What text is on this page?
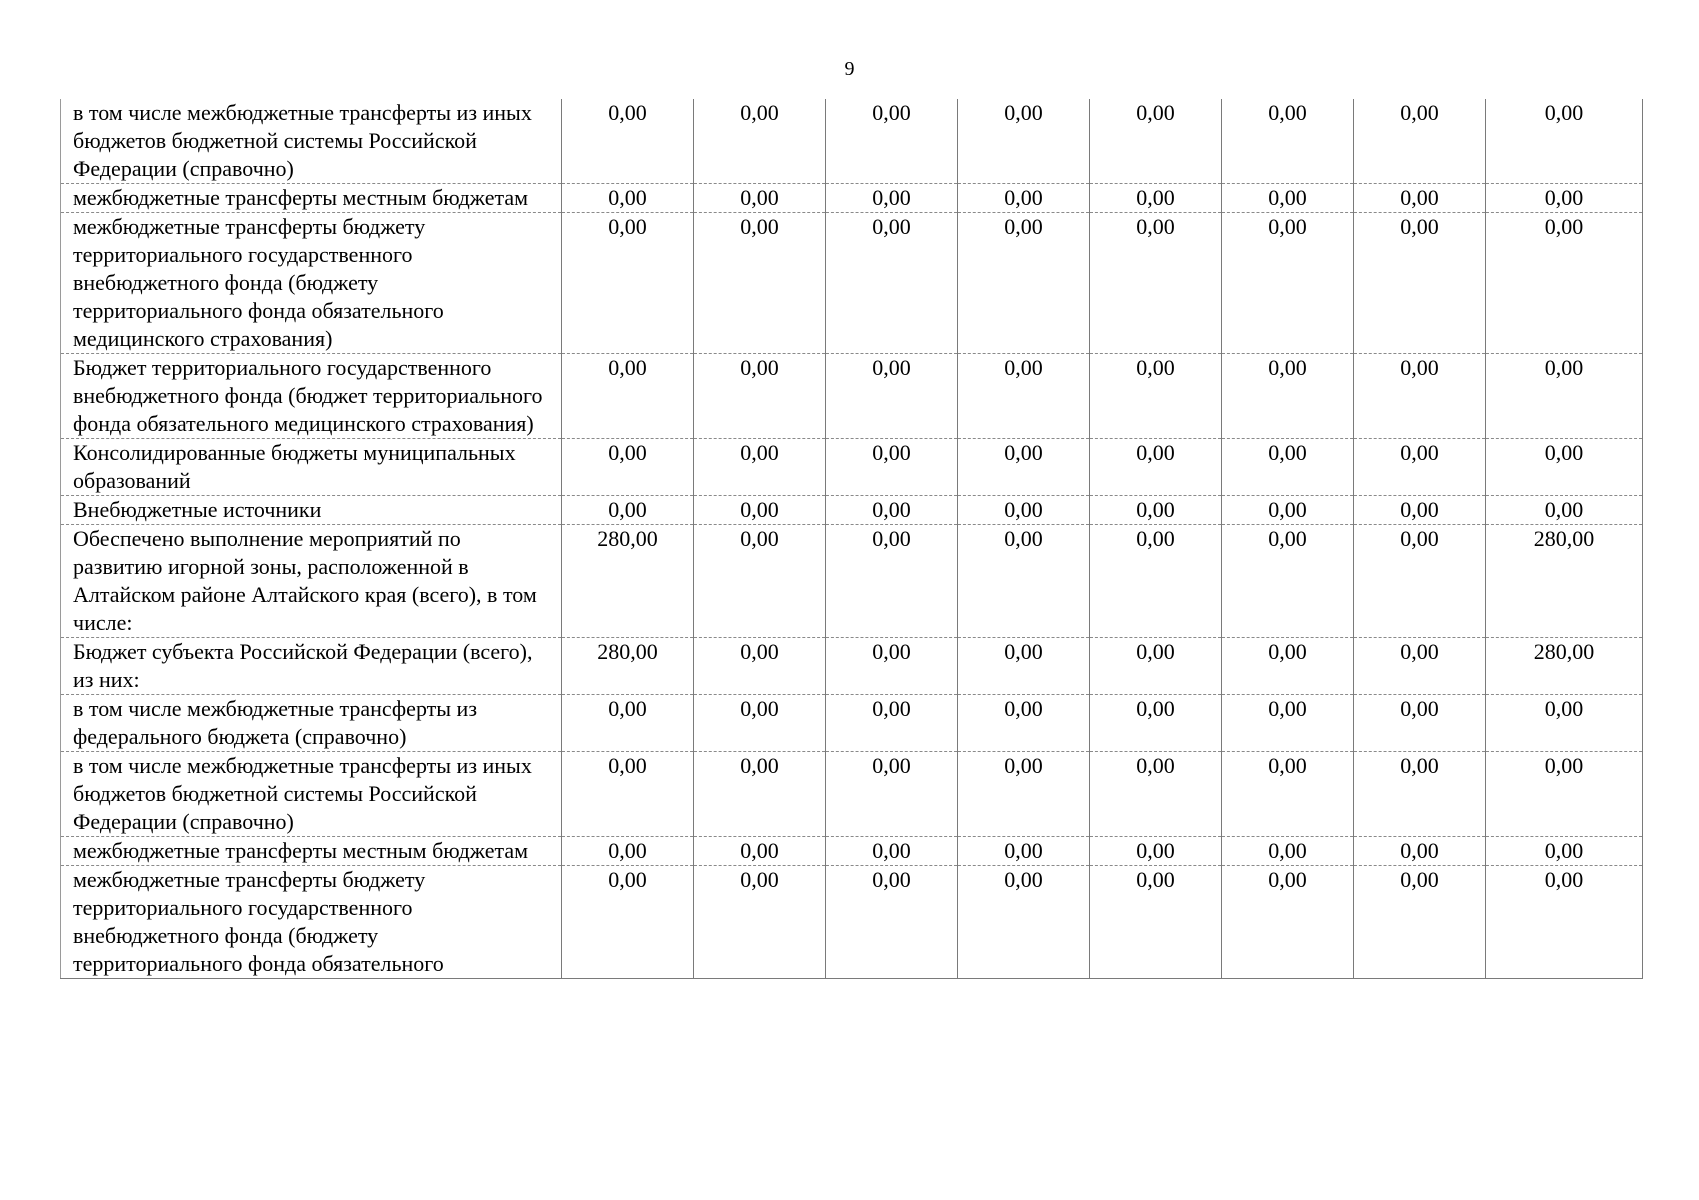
9
в том числе межбюджетные трансферты из иных бюджетов бюджетной системы Российской Федерации (справочно)	0,00	0,00	0,00	0,00	0,00	0,00	0,00	0,00
межбюджетные трансферты местным бюджетам	0,00	0,00	0,00	0,00	0,00	0,00	0,00	0,00
межбюджетные трансферты бюджету территориального государственного внебюджетного фонда (бюджету территориального фонда обязательного медицинского страхования)	0,00	0,00	0,00	0,00	0,00	0,00	0,00	0,00
Бюджет территориального государственного внебюджетного фонда (бюджет территориального фонда обязательного медицинского страхования)	0,00	0,00	0,00	0,00	0,00	0,00	0,00	0,00
Консолидированные бюджеты муниципальных образований	0,00	0,00	0,00	0,00	0,00	0,00	0,00	0,00
Внебюджетные источники	0,00	0,00	0,00	0,00	0,00	0,00	0,00	0,00
Обеспечено выполнение мероприятий по развитию игорной зоны, расположенной в Алтайском районе Алтайского края (всего), в том числе:	280,00	0,00	0,00	0,00	0,00	0,00	0,00	280,00
Бюджет субъекта Российской Федерации (всего), из них:	280,00	0,00	0,00	0,00	0,00	0,00	0,00	280,00
в том числе межбюджетные трансферты из федерального бюджета (справочно)	0,00	0,00	0,00	0,00	0,00	0,00	0,00	0,00
в том числе межбюджетные трансферты из иных бюджетов бюджетной системы Российской Федерации (справочно)	0,00	0,00	0,00	0,00	0,00	0,00	0,00	0,00
межбюджетные трансферты местным бюджетам	0,00	0,00	0,00	0,00	0,00	0,00	0,00	0,00
межбюджетные трансферты бюджету территориального государственного внебюджетного фонда (бюджету территориального фонда обязательного	0,00	0,00	0,00	0,00	0,00	0,00	0,00	0,00
